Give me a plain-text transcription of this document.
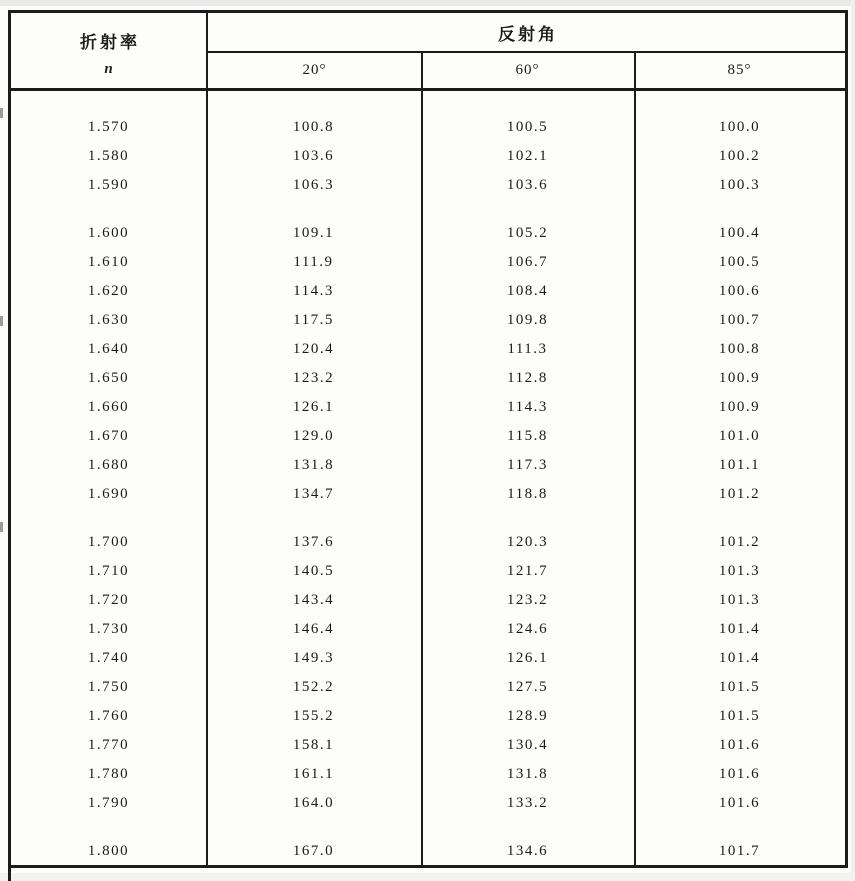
折射率
n
反射角
20°	60°	85°
1.570	100.8	100.5	100.0
1.580	103.6	102.1	100.2
1.590	106.3	103.6	100.3
1.600	109.1	105.2	100.4
1.610	111.9	106.7	100.5
1.620	114.3	108.4	100.6
1.630	117.5	109.8	100.7
1.640	120.4	111.3	100.8
1.650	123.2	112.8	100.9
1.660	126.1	114.3	100.9
1.670	129.0	115.8	101.0
1.680	131.8	117.3	101.1
1.690	134.7	118.8	101.2
1.700	137.6	120.3	101.2
1.710	140.5	121.7	101.3
1.720	143.4	123.2	101.3
1.730	146.4	124.6	101.4
1.740	149.3	126.1	101.4
1.750	152.2	127.5	101.5
1.760	155.2	128.9	101.5
1.770	158.1	130.4	101.6
1.780	161.1	131.8	101.6
1.790	164.0	133.2	101.6
1.800	167.0	134.6	101.7
